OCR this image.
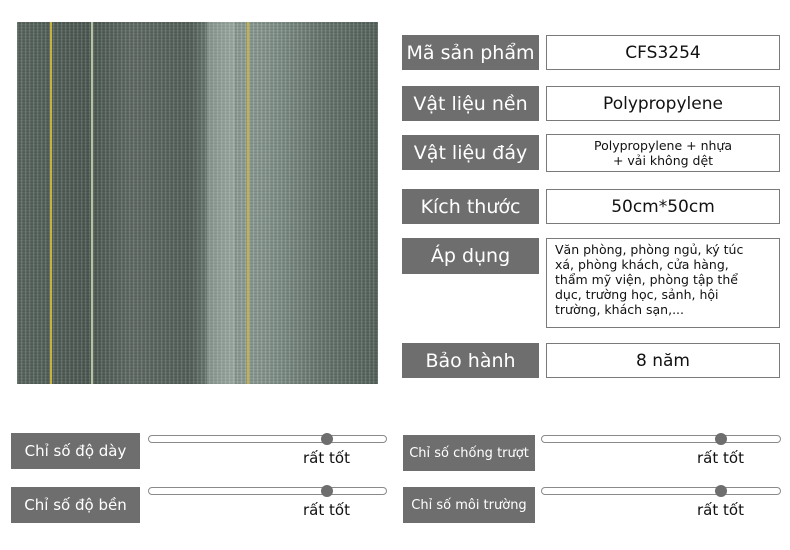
Mã sản phẩm	CFS3254
Vật liệu nền	Polypropylene
Vật liệu đáy	Polypropylene + nhựa
+ vải không dệt
Kích thước	50cm*50cm
Áp dụng	Văn phòng, phòng ngủ, ký túc
xá, phòng khách, cửa hàng,
thẩm mỹ viện, phòng tập thể
dục, trường học, sảnh, hội
trường, khách sạn,...
Bảo hành	8 năm
Chỉ số độ dày	rất tốt	Chỉ số chống trượt	rất tốt
Chỉ số độ bền	rất tốt	Chỉ số môi trường	rất tốt
